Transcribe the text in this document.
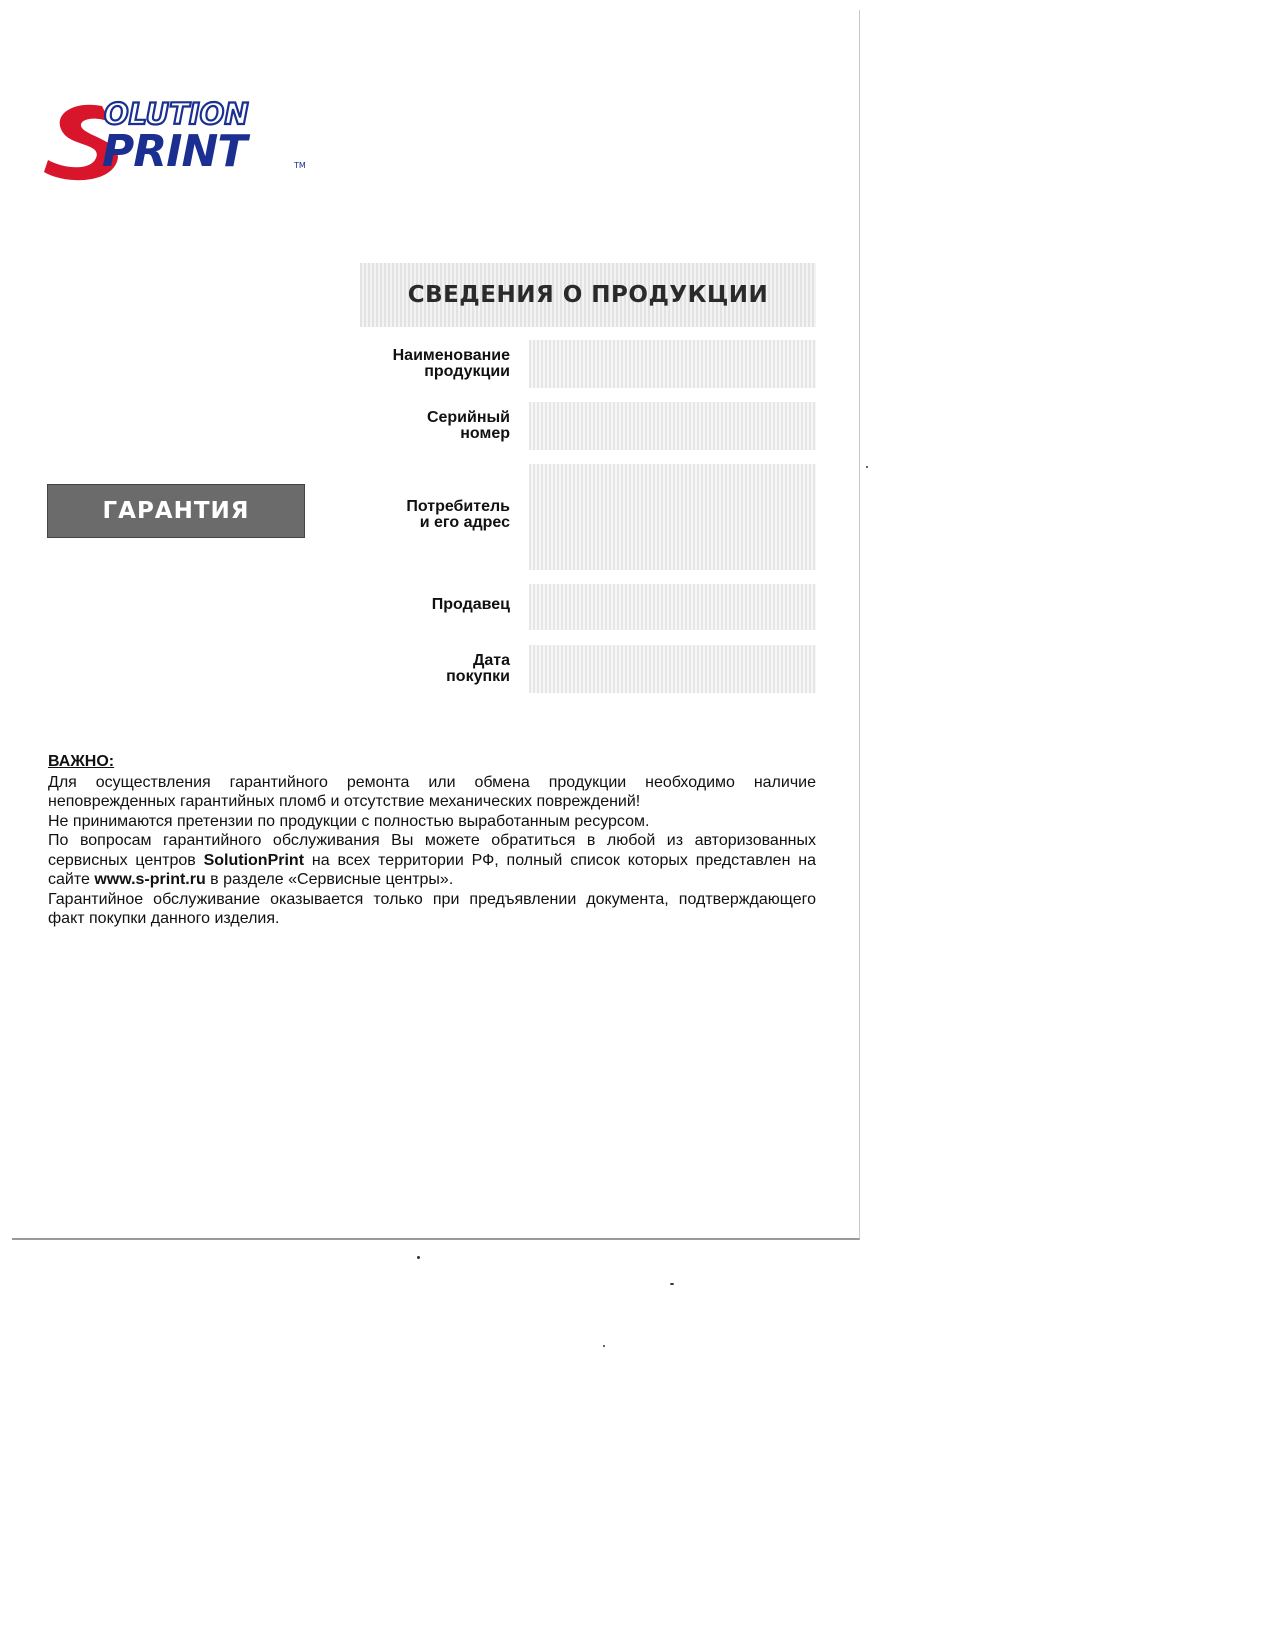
OLUTION
PRINT	TM
СВЕДЕНИЯ О ПРОДУКЦИИ
Наименование
продукции
Серийный
номер
Потребитель
и его адрес
Продавец
Дата
покупки
ГАРАНТИЯ
ВАЖНО:

Для осуществления гарантийного ремонта или обмена продукции необходимо наличие неповрежденных гарантийных пломб и отсутствие механических повреждений!

Не принимаются претензии по продукции с полностью выработанным ресурсом.

По вопросам гарантийного обслуживания Вы можете обратиться в любой из авторизованных сервисных центров SolutionPrint на всех территории РФ, полный список которых представлен на сайте www.s-print.ru в разделе «Сервисные центры».

Гарантийное обслуживание оказывается только при предъявлении документа, подтверждающего факт покупки данного изделия.
